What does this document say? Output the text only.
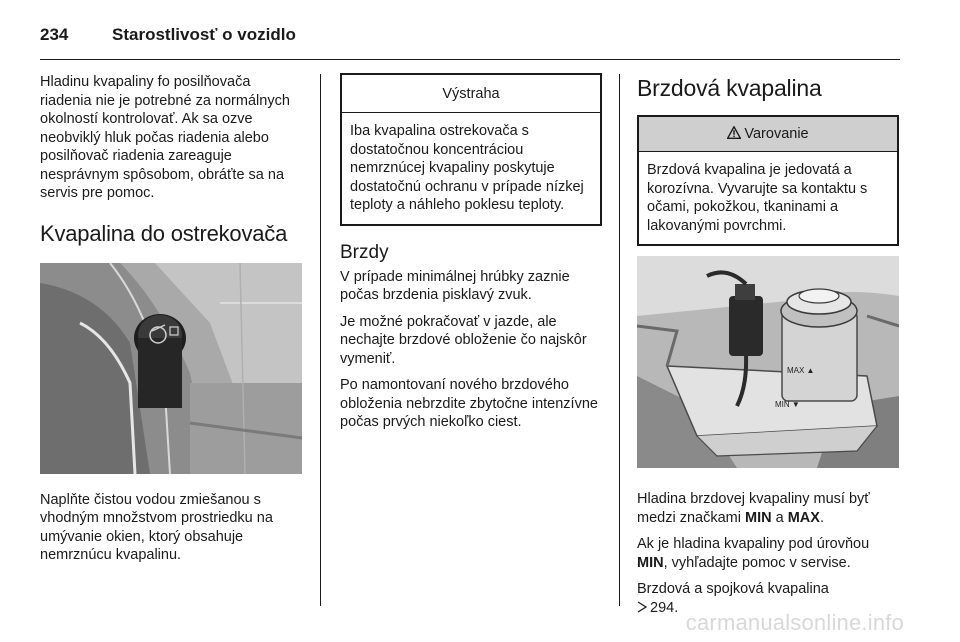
234	Starostlivosť o vozidlo

Hladinu kvapaliny fo posilňovača riadenia nie je potrebné za normálnych okolností kontrolovať. Ak sa ozve neobviklý hluk počas riadenia alebo posilňovač riadenia zareaguje nesprávnym spôsobom, obráťte sa na servis pre pomoc.

Kvapalina do ostrekovača

Naplňte čistou vodou zmiešanou s vhodným množstvom prostriedku na umývanie okien, ktorý obsahuje nemrznúcu kvapalinu.

Výstraha
Iba kvapalina ostrekovača s dostatočnou koncentráciou nemrznúcej kvapaliny poskytuje dostatočnú ochranu v prípade nízkej teploty a náhleho poklesu teploty.
Brzdy

V prípade minimálnej hrúbky zaznie počas brzdenia pisklavý zvuk.

Je možné pokračovať v jazde, ale nechajte brzdové obloženie čo najskôr vymeniť.

Po namontovaní nového brzdového obloženia nebrzdite zbytočne intenzívne počas prvých niekoľko ciest.

Brzdová kvapalina
Varovanie
Brzdová kvapalina je jedovatá a korozívna. Vyvarujte sa kontaktu s očami, pokožkou, tkaninami a lakovanými povrchmi.
MAX ▲
MIN ▼

Hladina brzdovej kvapaliny musí byť medzi značkami MIN a MAX.

Ak je hladina kvapaliny pod úrovňou MIN, vyhľadajte pomoc v servise.

Brzdová a spojková kvapalina
294.

carmanualsonline.info
